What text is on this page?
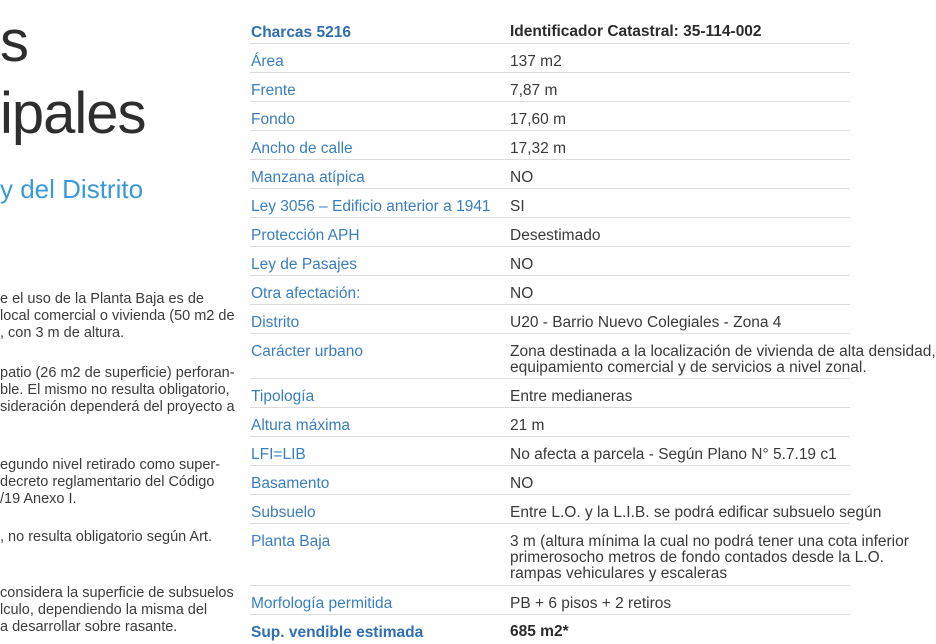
s
ipales
y del Distrito
e el uso de la Planta Baja es de
local comercial o vivienda (50 m2 de
, con 3 m de altura.
patio (26 m2 de superficie) perforan-
ble. El mismo no resulta obligatorio,
sideración dependerá del proyecto a
egundo nivel retirado como super-
decreto reglamentario del Código
/19 Anexo I.
, no resulta obligatorio según Art.
considera la superficie de subsuelos
lculo, dependiendo la misma del
a desarrollar sobre rasante.
Charcas 5216	Identificador Catastral: 35-114-002
Área	137 m2
Frente	7,87 m
Fondo	17,60 m
Ancho de calle	17,32 m
Manzana atípica	NO
Ley 3056 – Edificio anterior a 1941 SI
Protección APH	Desestimado
Ley de Pasajes	NO
Otra afectación:	NO
Distrito	U20 - Barrio Nuevo Colegiales - Zona 4
Carácter urbano	Zona destinada a la localización de vivienda de alta densidad,
equipamiento comercial y de servicios a nivel zonal.
Tipología	Entre medianeras
Altura máxima	21 m
LFI=LIB	No afecta a parcela - Según Plano N° 5.7.19 c1
Basamento	NO
Subsuelo	Entre L.O. y la L.I.B. se podrá edificar subsuelo según
Planta Baja	3 m (altura mínima la cual no podrá tener una cota inferior
primerosocho metros de fondo contados desde la L.O.
rampas vehiculares y escaleras
Morfología permitida	PB + 6 pisos + 2 retiros
Sup. vendible estimada	685 m2*
